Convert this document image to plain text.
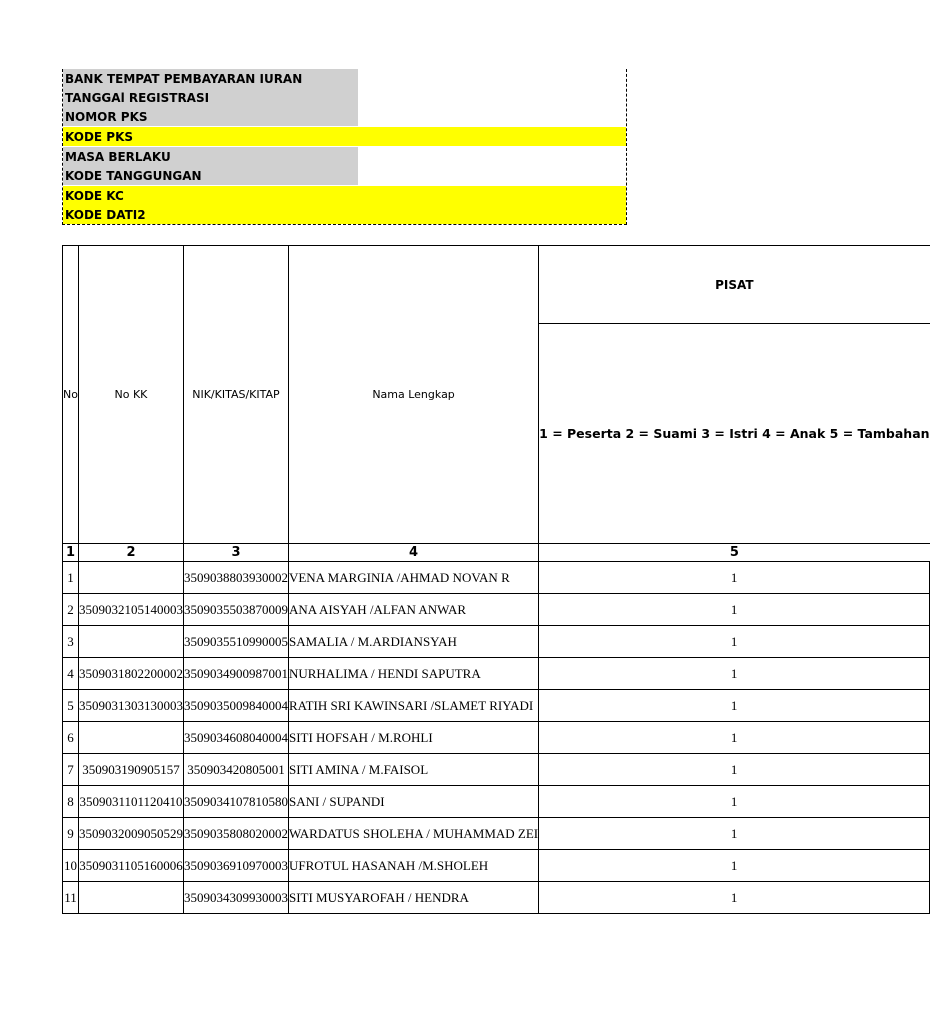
BANK TEMPAT PEMBAYARAN IURAN
TANGGAl REGISTRASI
NOMOR PKS
KODE PKS
MASA BERLAKU
KODE TANGGUNGAN
KODE KC
KODE DATI2
No	No KK	NIK/KITAS/KITAP	Nama Lengkap	PISAT
				1 = Peserta 2 = Suami 3 = Istri 4 = Anak 5 = Tambahan
1	2	3	4	5
1		3509038803930002	VENA MARGINIA /AHMAD NOVAN R	1
2	3509032105140003	3509035503870009	ANA AISYAH /ALFAN ANWAR	1
3		3509035510990005	SAMALIA / M.ARDIANSYAH	1
4	3509031802200002	3509034900987001	NURHALIMA / HENDI SAPUTRA	1
5	3509031303130003	3509035009840004	RATIH SRI KAWINSARI /SLAMET RIYADI	1
6		3509034608040004	SITI HOFSAH / M.ROHLI	1
7	350903190905157	350903420805001	SITI AMINA / M.FAISOL	1
8	3509031101120410	3509034107810580	SANI / SUPANDI	1
9	3509032009050529	3509035808020002	WARDATUS SHOLEHA / MUHAMMAD ZEI	1
10	3509031105160006	3509036910970003	UFROTUL HASANAH /M.SHOLEH	1
11		3509034309930003	SITI MUSYAROFAH / HENDRA	1
